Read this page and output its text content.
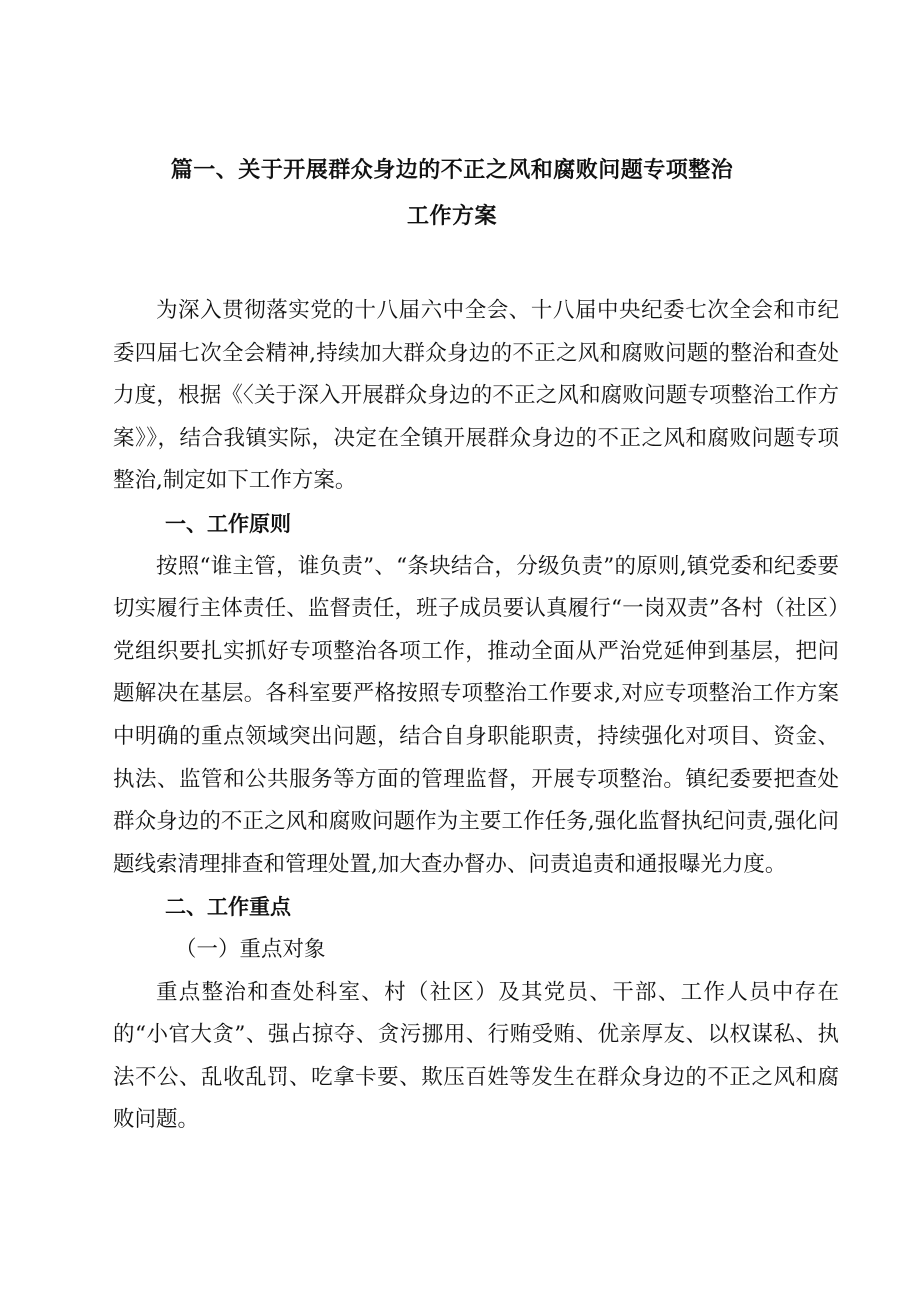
篇一、关于开展群众身边的不正之风和腐败问题专项整治
工作方案

为深入贯彻落实党的十八届六中全会、十八届中央纪委七次全会和市纪委四届七次全会精神,持续加大群众身边的不正之风和腐败问题的整治和查处力度，根据《〈关于深入开展群众身边的不正之风和腐败问题专项整治工作方案》》，结合我镇实际，决定在全镇开展群众身边的不正之风和腐败问题专项整治,制定如下工作方案。

一、工作原则

按照“谁主管，谁负责”、“条块结合，分级负责”的原则,镇党委和纪委要切实履行主体责任、监督责任，班子成员要认真履行“一岗双责”各村（社区）党组织要扎实抓好专项整治各项工作，推动全面从严治党延伸到基层，把问题解决在基层。各科室要严格按照专项整治工作要求,对应专项整治工作方案中明确的重点领域突出问题，结合自身职能职责，持续强化对项目、资金、执法、监管和公共服务等方面的管理监督，开展专项整治。镇纪委要把查处群众身边的不正之风和腐败问题作为主要工作任务,强化监督执纪问责,强化问题线索清理排查和管理处置,加大查办督办、问责追责和通报曝光力度。

二、工作重点
（一）重点对象

重点整治和查处科室、村（社区）及其党员、干部、工作人员中存在的“小官大贪”、强占掠夺、贪污挪用、行贿受贿、优亲厚友、以权谋私、执法不公、乱收乱罚、吃拿卡要、欺压百姓等发生在群众身边的不正之风和腐败问题。
